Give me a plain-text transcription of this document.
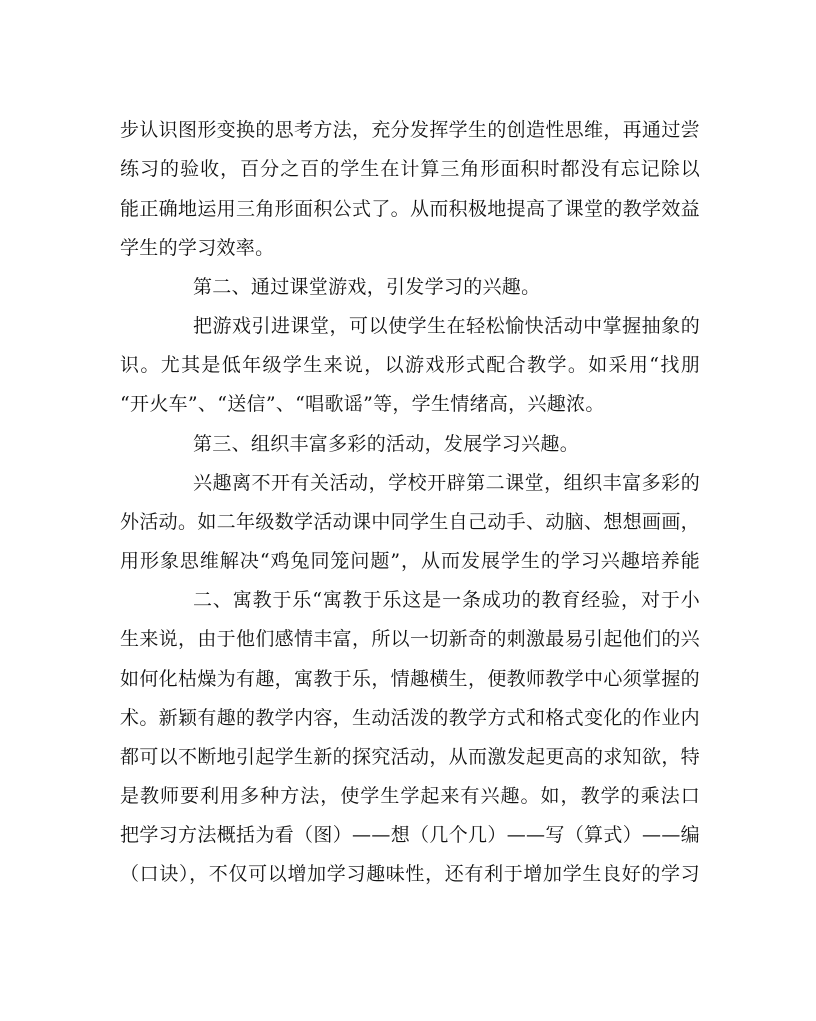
步认识图形变换的思考方法，充分发挥学生的创造性思维，再通过尝
练习的验收，百分之百的学生在计算三角形面积时都没有忘记除以
能正确地运用三角形面积公式了。从而积极地提高了课堂的教学效益
学生的学习效率。
第二、通过课堂游戏，引发学习的兴趣。
把游戏引进课堂，可以使学生在轻松愉快活动中掌握抽象的
识。尤其是低年级学生来说，以游戏形式配合教学。如采用“找朋
“开火车”、“送信”、“唱歌谣”等，学生情绪高，兴趣浓。
第三、组织丰富多彩的活动，发展学习兴趣。
兴趣离不开有关活动，学校开辟第二课堂，组织丰富多彩的
外活动。如二年级数学活动课中同学生自己动手、动脑、想想画画，
用形象思维解决“鸡兔同笼问题”，从而发展学生的学习兴趣培养能
二、寓教于乐“寓教于乐这是一条成功的教育经验，对于小
生来说，由于他们感情丰富，所以一切新奇的刺激最易引起他们的兴
如何化枯燥为有趣，寓教于乐，情趣横生，便教师教学中心须掌握的
术。新颖有趣的教学内容，生动活泼的教学方式和格式变化的作业内
都可以不断地引起学生新的探究活动，从而激发起更高的求知欲，特
是教师要利用多种方法，使学生学起来有兴趣。如，教学的乘法口
把学习方法概括为看（图）——想（几个几）——写（算式）——编
（口诀），不仅可以增加学习趣味性，还有利于增加学生良好的学习
